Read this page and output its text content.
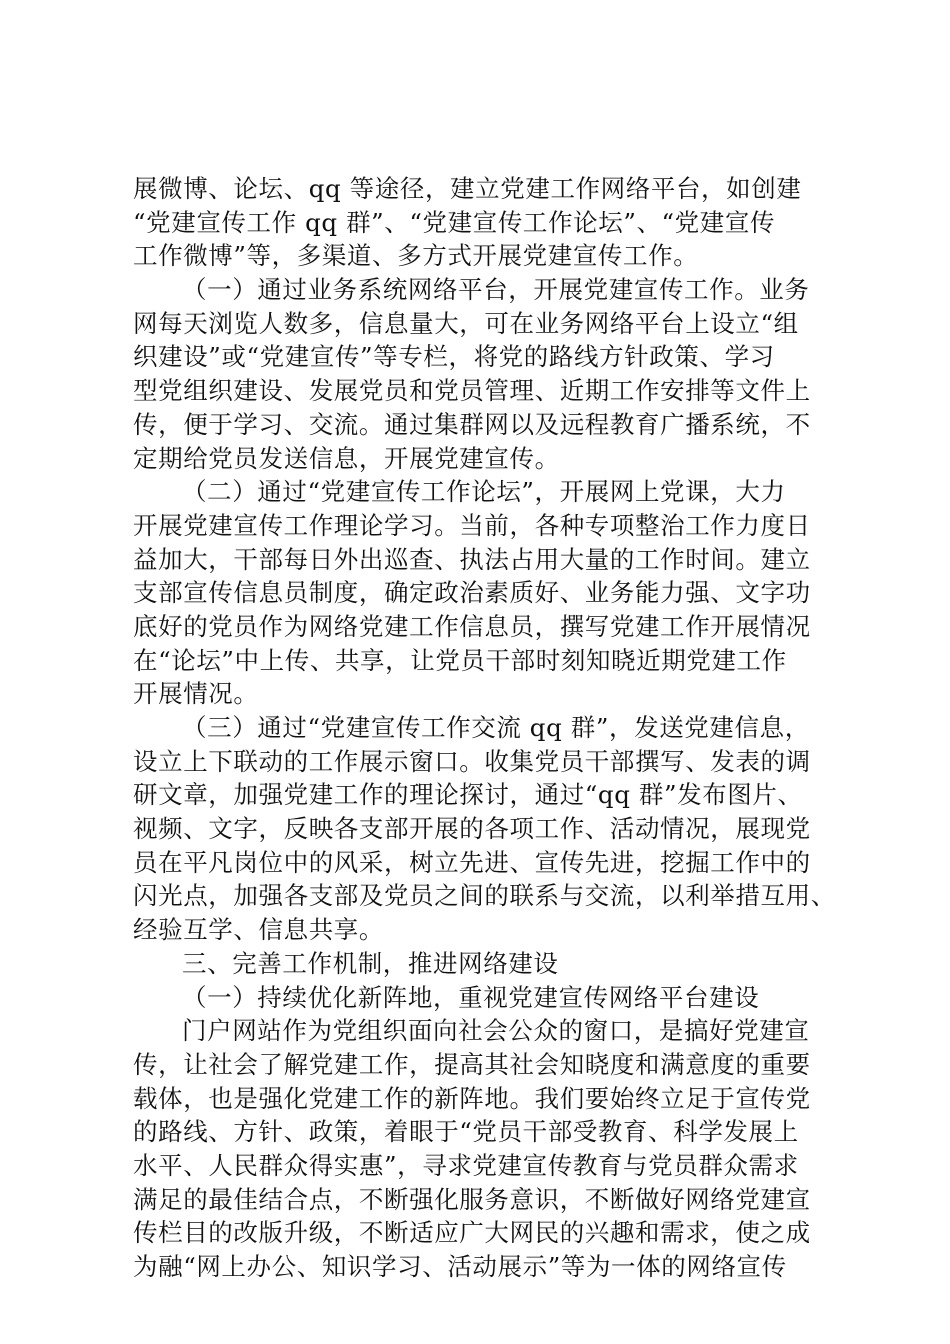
展微博、论坛、qq 等途径，建立党建工作网络平台，如创建
“党建宣传工作 qq 群”、“党建宣传工作论坛”、“党建宣传
工作微博”等，多渠道、多方式开展党建宣传工作。
（一）通过业务系统网络平台，开展党建宣传工作。业务
网每天浏览人数多，信息量大，可在业务网络平台上设立“组
织建设”或“党建宣传”等专栏，将党的路线方针政策、学习
型党组织建设、发展党员和党员管理、近期工作安排等文件上
传，便于学习、交流。通过集群网以及远程教育广播系统，不
定期给党员发送信息，开展党建宣传。
（二）通过“党建宣传工作论坛”，开展网上党课，大力
开展党建宣传工作理论学习。当前，各种专项整治工作力度日
益加大，干部每日外出巡查、执法占用大量的工作时间。建立
支部宣传信息员制度，确定政治素质好、业务能力强、文字功
底好的党员作为网络党建工作信息员，撰写党建工作开展情况
在“论坛”中上传、共享，让党员干部时刻知晓近期党建工作
开展情况。
（三）通过“党建宣传工作交流 qq 群”，发送党建信息，
设立上下联动的工作展示窗口。收集党员干部撰写、发表的调
研文章，加强党建工作的理论探讨，通过“qq 群”发布图片、
视频、文字，反映各支部开展的各项工作、活动情况，展现党
员在平凡岗位中的风采，树立先进、宣传先进，挖掘工作中的
闪光点，加强各支部及党员之间的联系与交流，以利举措互用、
经验互学、信息共享。
三、完善工作机制，推进网络建设
（一）持续优化新阵地，重视党建宣传网络平台建设
门户网站作为党组织面向社会公众的窗口，是搞好党建宣
传，让社会了解党建工作，提高其社会知晓度和满意度的重要
载体，也是强化党建工作的新阵地。我们要始终立足于宣传党
的路线、方针、政策，着眼于“党员干部受教育、科学发展上
水平、人民群众得实惠”，寻求党建宣传教育与党员群众需求
满足的最佳结合点，不断强化服务意识，不断做好网络党建宣
传栏目的改版升级，不断适应广大网民的兴趣和需求，使之成
为融“网上办公、知识学习、活动展示”等为一体的网络宣传
